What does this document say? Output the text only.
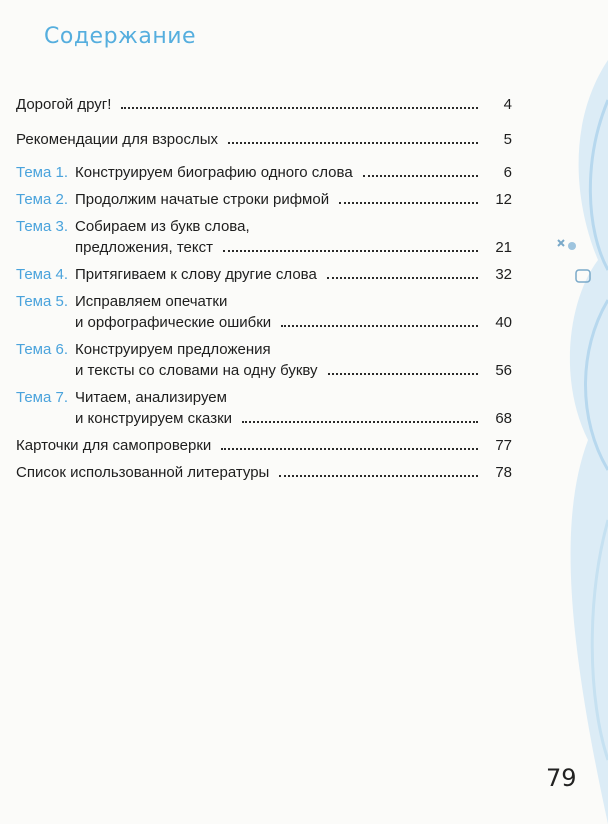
Содержание
Дорогой друг!	4
Рекомендации для взрослых	5
Тема 1. Конструируем биографию одного слова	6
Тема 2. Продолжим начатые строки рифмой	12
Тема 3. Собираем из букв слова,
предложения, текст	21
Тема 4. Притягиваем к слову другие слова	32
Тема 5. Исправляем опечатки
и орфографические ошибки	40
Тема 6. Конструируем предложения
и тексты со словами на одну букву	56
Тема 7. Читаем, анализируем
и конструируем сказки	68
Карточки для самопроверки	77
Список использованной литературы	78
79
